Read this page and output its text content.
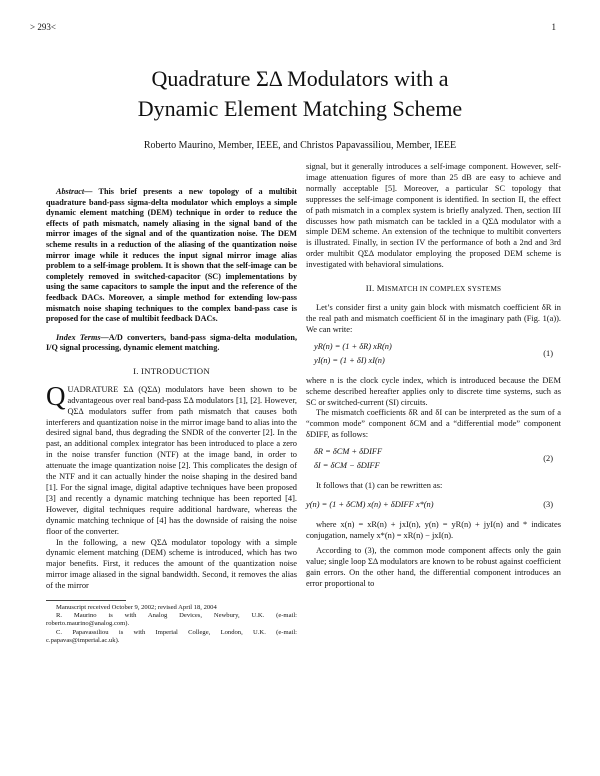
> 293<	1
Quadrature ΣΔ Modulators with a
Dynamic Element Matching Scheme
Roberto Maurino, Member, IEEE, and Christos Papavassiliou, Member, IEEE

Abstract— This brief presents a new topology of a multibit quadrature band-pass sigma-delta modulator which employs a simple dynamic element matching (DEM) technique in order to reduce the effects of path mismatch, namely aliasing in the signal band of the mirror images of the signal and of the quantization noise. The DEM scheme results in a reduction of the aliasing of the quantization noise mirror image while it reduces the input signal mirror image alias problem to a self-image problem. It is shown that the self-image can be completely removed in switched-capacitor (SC) implementations by using the same capacitors to sample the input and the reference of the feedback DACs. Moreover, a simple method for extending low-pass mismatch noise shaping techniques to the complex band-pass case is proposed for the case of multibit feedback DACs.

Index Terms—A/D converters, band-pass sigma-delta modulation, I/Q signal processing, dynamic element matching.

I. INTRODUCTION

QUADRATURE ΣΔ (QΣΔ) modulators have been shown to be advantageous over real band-pass ΣΔ modulators [1], [2]. However, QΣΔ modulators suffer from path mismatch that causes both interferers and quantization noise in the mirror image band to alias into the desired signal band, thus degrading the SNDR of the converter [2]. In the past, an additional complex integrator has been introduced to place a zero in the noise transfer function (NTF) at the image band, in order to attenuate the image quantization noise [2]. This complicates the design of the NTF and it can actually hinder the noise shaping in the desired band [1]. For the signal image, digital adaptive techniques have been proposed [3] and recently a dynamic matching technique has been reported [4]. However, digital techniques require additional hardware, whereas the dynamic matching technique of [4] has the downside of raising the noise floor of the converter.

In the following, a new QΣΔ modulator topology with a simple dynamic element matching (DEM) scheme is introduced, which has two major benefits. First, it reduces the amount of the quantization noise mirror image aliased in the signal bandwidth. Second, it removes the alias of the mirror

Manuscript received October 9, 2002; revised April 18, 2004

R. Maurino is with Analog Devices, Newbury, U.K. (e-mail: roberto.maurino@analog.com).

C. Papavassiliou is with Imperial College, London, U.K. (e-mail: c.papavas@imperial.ac.uk).

signal, but it generally introduces a self-image component. However, self-image attenuation figures of more than 25 dB are easy to achieve and normally acceptable [5]. Moreover, a particular SC topology that suppresses the self-image component is identified. In section II, the effect of path mismatch in a complex system is briefly analyzed. Then, section III discusses how path mismatch can be tackled in a QΣΔ modulator with a simple DEM scheme. An extension of the technique to multibit converters is illustrated. Finally, in section IV the performance of both a 2nd and 3rd order multibit QΣΔ modulator employing the proposed DEM scheme is investigated with behavioral simulations.

II. MISMATCH IN COMPLEX SYSTEMS

Let’s consider first a unity gain block with mismatch coefficient δR in the real path and mismatch coefficient δI in the imaginary path (Fig. 1(a)). We can write:

yR(n) = (1 + δR) xR(n)
yI(n) = (1 + δI) xI(n)
(1)

where n is the clock cycle index, which is introduced because the DEM scheme described hereafter applies only to discrete time systems, such as SC or switched-current (SI) circuits.

The mismatch coefficients δR and δI can be interpreted as the sum of a “common mode” component δCM and a “differential mode” component δDIFF, as follows:

δR = δCM + δDIFF
δI = δCM − δDIFF
(2)

It follows that (1) can be rewritten as:

y(n) = (1 + δCM) x(n) + δDIFF x*(n)	(3)

where x(n) = xR(n) + jxI(n), y(n) = yR(n) + jyI(n) and * indicates conjugation, namely x*(n) = xR(n) − jxI(n).

According to (3), the common mode component affects only the gain value; single loop ΣΔ modulators are known to be robust against coefficient gain errors. On the other hand, the differential component introduces an error proportional to
